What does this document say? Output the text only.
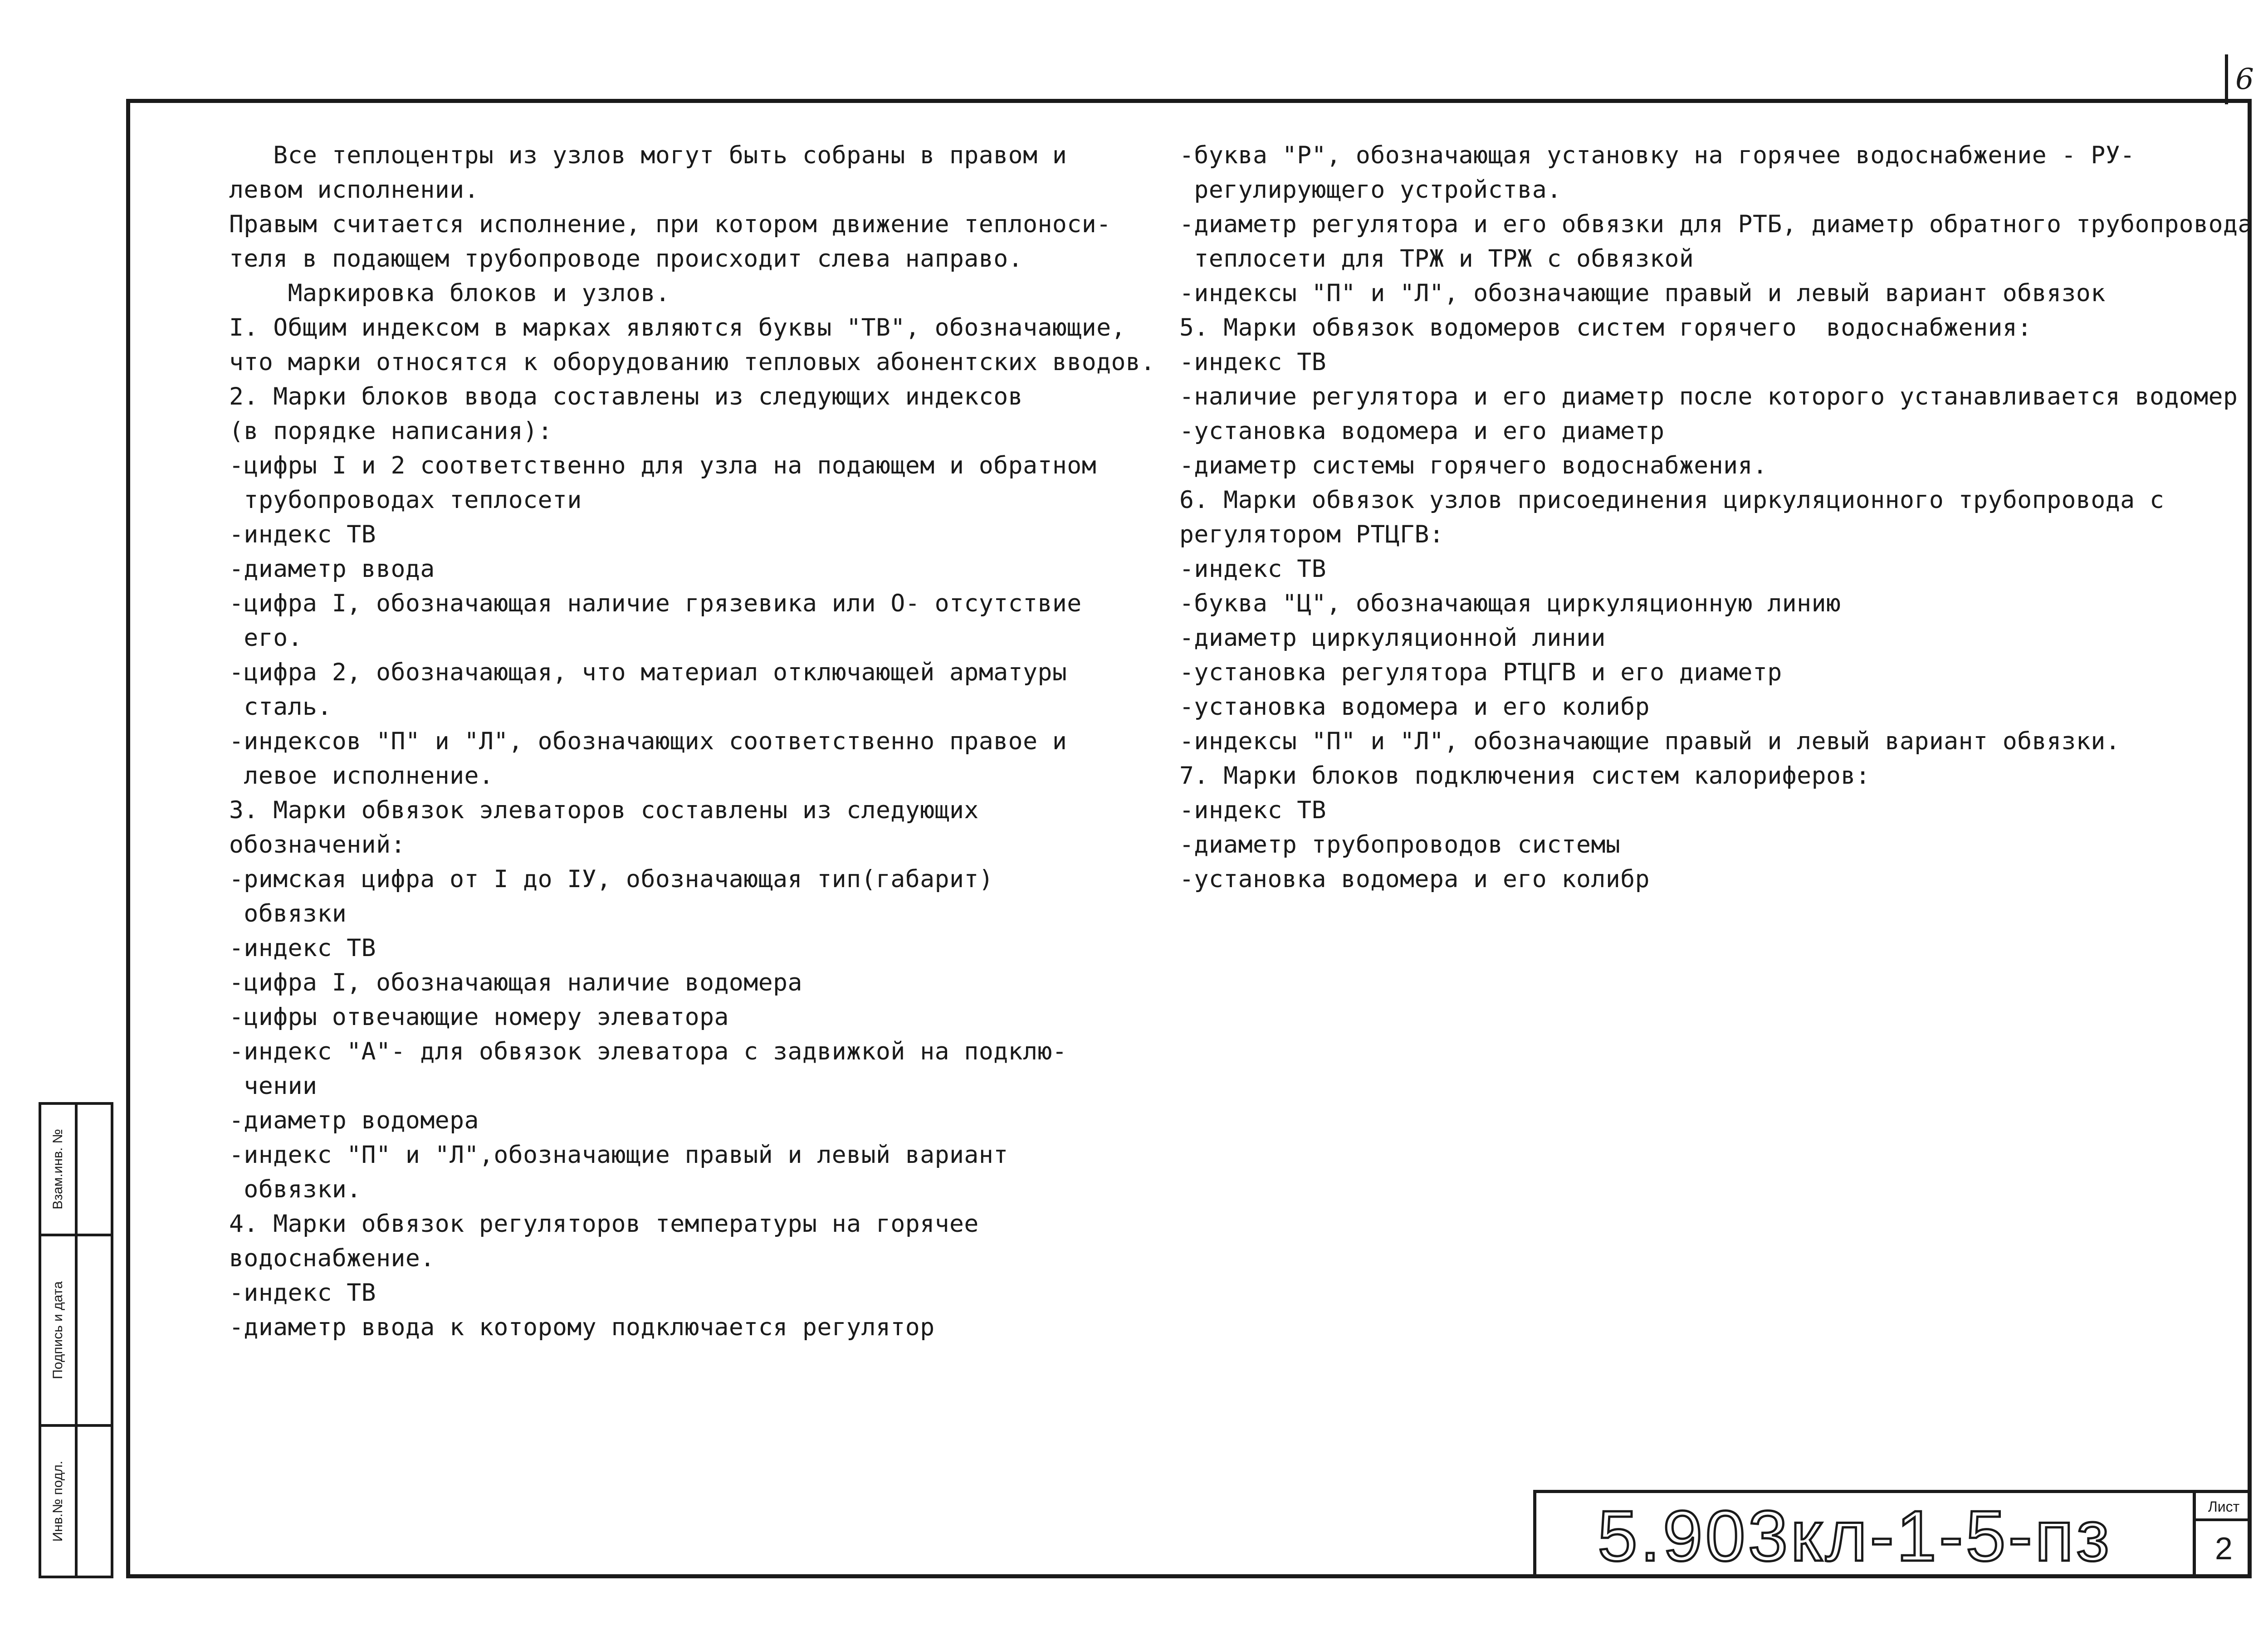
6
Все теплоцентры из узлов могут быть собраны в правом и
левом исполнении.
Правым считается исполнение, при котором движение теплоноси-
теля в подающем трубопроводе происходит слева направо.
Маркировка блоков и узлов.
I. Общим индексом в марках являются буквы "ТВ", обозначающие,
что марки относятся к оборудованию тепловых абонентских вводов.
2. Марки блоков ввода составлены из следующих индексов
(в порядке написания):
-цифры I и 2 соответственно для узла на подающем и обратном
трубопроводах теплосети
-индекс ТВ
-диаметр ввода
-цифра I, обозначающая наличие грязевика или О- отсутствие
его.
-цифра 2, обозначающая, что материал отключающей арматуры
сталь.
-индексов "П" и "Л", обозначающих соответственно правое и
левое исполнение.
3. Марки обвязок элеваторов составлены из следующих
обозначений:
-римская цифра от I до IУ, обозначающая тип(габарит)
обвязки
-индекс ТВ
-цифра I, обозначающая наличие водомера
-цифры отвечающие номеру элеватора
-индекс "А"- для обвязок элеватора с задвижкой на подклю-
чении
-диаметр водомера
-индекс "П" и "Л",обозначающие правый и левый вариант
обвязки.
4. Марки обвязок регуляторов температуры на горячее
водоснабжение.
-индекс ТВ
-диаметр ввода к которому подключается регулятор
-буква "Р", обозначающая установку на горячее водоснабжение - РУ-
регулирующего устройства.
-диаметр регулятора и его обвязки для РТБ, диаметр обратного трубопровода
теплосети для ТРЖ и ТРЖ с обвязкой
-индексы "П" и "Л", обозначающие правый и левый вариант обвязок
5. Марки обвязок водомеров систем горячего  водоснабжения:
-индекс ТВ
-наличие регулятора и его диаметр после которого устанавливается водомер
-установка водомера и его диаметр
-диаметр системы горячего водоснабжения.
6. Марки обвязок узлов присоединения циркуляционного трубопровода с
регулятором РТЦГВ:
-индекс ТВ
-буква "Ц", обозначающая циркуляционную линию
-диаметр циркуляционной линии
-установка регулятора РТЦГВ и его диаметр
-установка водомера и его колибр
-индексы "П" и "Л", обозначающие правый и левый вариант обвязки.
7. Марки блоков подключения систем калориферов:
-индекс ТВ
-диаметр трубопроводов системы
-установка водомера и его колибр
Взам.инв. №
Подпись и дата
Инв.№ подл.	5.903кл-1-5-пз	Лист
2
